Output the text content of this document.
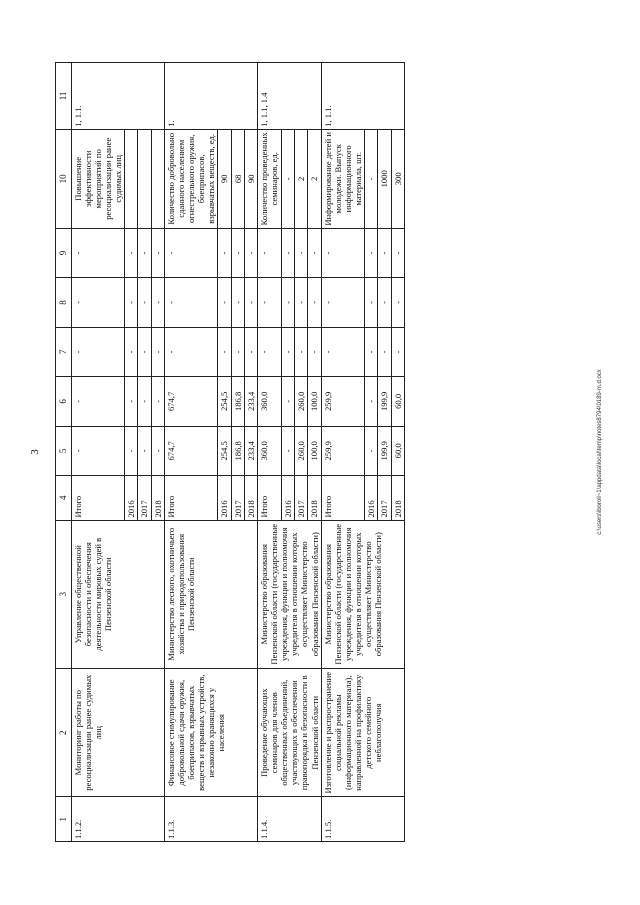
3
1	2	3	4	5	6	7	8	9	10	11
1.1.2.	Мониторинг работы по ресоциализации ранее судимых лиц	Управление общественной безопасности и обеспечения деятельности мировых судей в Пензенской области	Итого	-	-	-	-	-	Повышение эффективности мероприятий по ресоциализации ранее судимых лиц	1, 1.1.
			2016	-	-	-	-	-		
			2017	-	-	-	-	-		
			2018	-	-	-	-	-		
1.1.3.	Финансовое стимулирование добровольной сдачи оружия, боеприпасов, взрывчатых веществ и взрывных устройств, незаконно хранящихся у населения	Министерство лесного, охотничьего хозяйства и природопользования Пензенской области	Итого	674,7	674,7	-	-	-	Количество добровольно сданного населением огнестрельного оружия, боеприпасов, взрывчатых веществ, ед.	1.
			2016	254,5	254,5	-	-	-	90	
			2017	186,8	186,8	-	-	-	68	
			2018	233,4	233,4	-	-	-	90	
1.1.4.	Проведение обучающих семинаров для членов общественных объединений, участвующих в обеспечении правопорядка и безопасности в Пензенской области	Министерство образования Пензенской области (государственные учреждения, функции и полномочия учредителя в отношении которых осуществляет Министерство образования Пензенской области)	Итого	360,0	360,0	-	-	-	Количество проведенных семинаров, ед.	1, 1.1, 1.4
			2016	-	-	-	-	-	-	
			2017	260,0	260,0	-	-	-	2	
			2018	100,0	100,0	-	-	-	2	
1.1.5.	Изготовление и распространение социальной рекламы (информационного материала), направленной на профилактику детского семейного неблагополучия	Министерство образования Пензенской области (государственные учреждения, функции и полномочия учредителя в отношении которых осуществляет Министерство образования Пензенской области)	Итого	259,9	259,9	-	-	-	Информирование детей и молодежи. Выпуск информационного материала, шт.	1, 1.1.
			2016	-	-	-	-	-	-	
			2017	199,9	199,9	-	-	-	1000	
			2018	60,0	60,0	-	-	-	300	
c:\users\iboroli~1\appdata\local\temp\notes8794\0189-m.d.ocx
